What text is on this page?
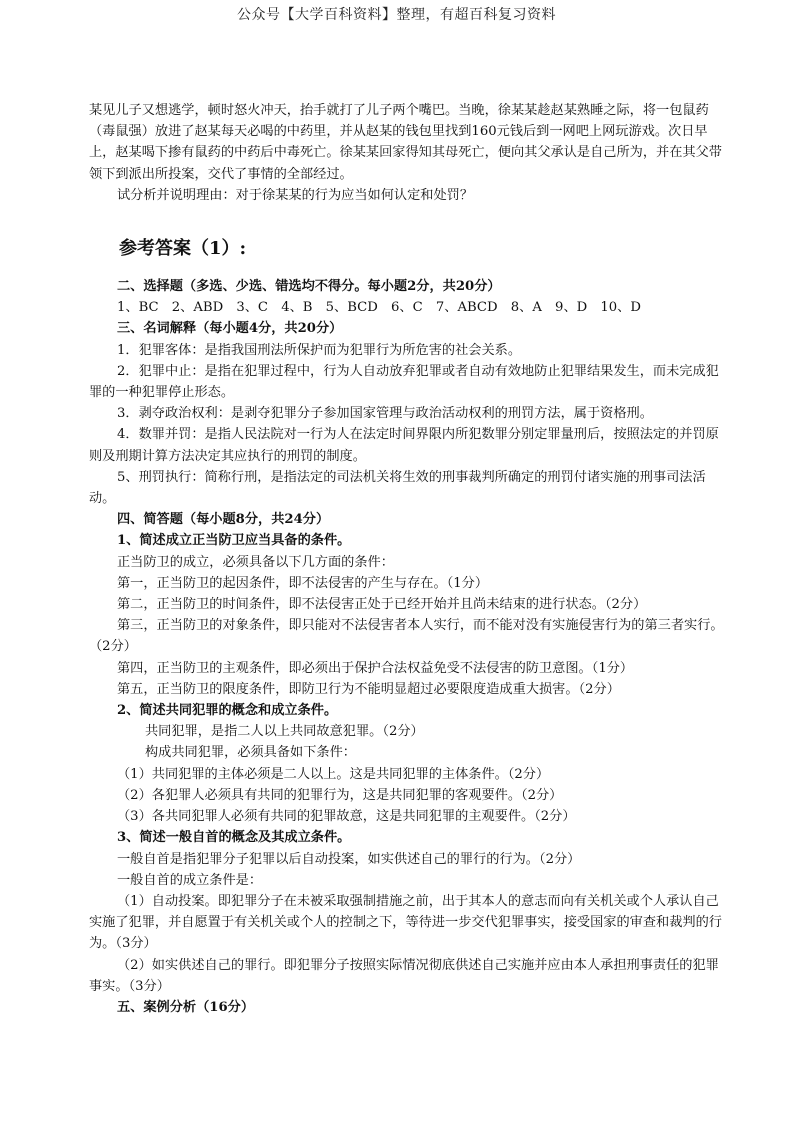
公众号【大学百科资料】整理，有超百科复习资料

某见儿子又想逃学，顿时怒火冲天，抬手就打了儿子两个嘴巴。当晚，徐某某趁赵某熟睡之际，将一包鼠药（毒鼠强）放进了赵某每天必喝的中药里，并从赵某的钱包里找到160元钱后到一网吧上网玩游戏。次日早上，赵某喝下掺有鼠药的中药后中毒死亡。徐某某回家得知其母死亡，便向其父承认是自己所为，并在其父带领下到派出所投案，交代了事情的全部经过。

试分析并说明理由：对于徐某某的行为应当如何认定和处罚？

参考答案（1）:

二、选择题（多选、少选、错选均不得分。每小题2分，共20分）

1、BC　2、ABD　3、C　4、B　5、BCD　6、C　7、ABCD　8、A　9、D　10、D

三、名词解释（每小题4分，共20分）

1．犯罪客体：是指我国刑法所保护而为犯罪行为所危害的社会关系。

2．犯罪中止：是指在犯罪过程中，行为人自动放弃犯罪或者自动有效地防止犯罪结果发生，而未完成犯罪的一种犯罪停止形态。

3．剥夺政治权利：是剥夺犯罪分子参加国家管理与政治活动权利的刑罚方法，属于资格刑。

4．数罪并罚：是指人民法院对一行为人在法定时间界限内所犯数罪分别定罪量刑后，按照法定的并罚原则及刑期计算方法决定其应执行的刑罚的制度。

5、刑罚执行：简称行刑，是指法定的司法机关将生效的刑事裁判所确定的刑罚付诸实施的刑事司法活动。

四、简答题（每小题8分，共24分）

1、简述成立正当防卫应当具备的条件。

正当防卫的成立，必须具备以下几方面的条件：

第一，正当防卫的起因条件，即不法侵害的产生与存在。（1分）

第二，正当防卫的时间条件，即不法侵害正处于已经开始并且尚未结束的进行状态。（2分）

第三，正当防卫的对象条件，即只能对不法侵害者本人实行，而不能对没有实施侵害行为的第三者实行。（2分）

第四，正当防卫的主观条件，即必须出于保护合法权益免受不法侵害的防卫意图。（1分）

第五，正当防卫的限度条件，即防卫行为不能明显超过必要限度造成重大损害。（2分）

2、简述共同犯罪的概念和成立条件。

共同犯罪，是指二人以上共同故意犯罪。（2分）

构成共同犯罪，必须具备如下条件：

（1）共同犯罪的主体必须是二人以上。这是共同犯罪的主体条件。（2分）

（2）各犯罪人必须具有共同的犯罪行为，这是共同犯罪的客观要件。（2分）

（3）各共同犯罪人必须有共同的犯罪故意，这是共同犯罪的主观要件。（2分）

3、简述一般自首的概念及其成立条件。

一般自首是指犯罪分子犯罪以后自动投案，如实供述自己的罪行的行为。（2分）

一般自首的成立条件是：

（1）自动投案。即犯罪分子在未被采取强制措施之前，出于其本人的意志而向有关机关或个人承认自己实施了犯罪，并自愿置于有关机关或个人的控制之下，等待进一步交代犯罪事实，接受国家的审查和裁判的行为。（3分）

（2）如实供述自己的罪行。即犯罪分子按照实际情况彻底供述自己实施并应由本人承担刑事责任的犯罪事实。（3分）

五、案例分析（16分）
